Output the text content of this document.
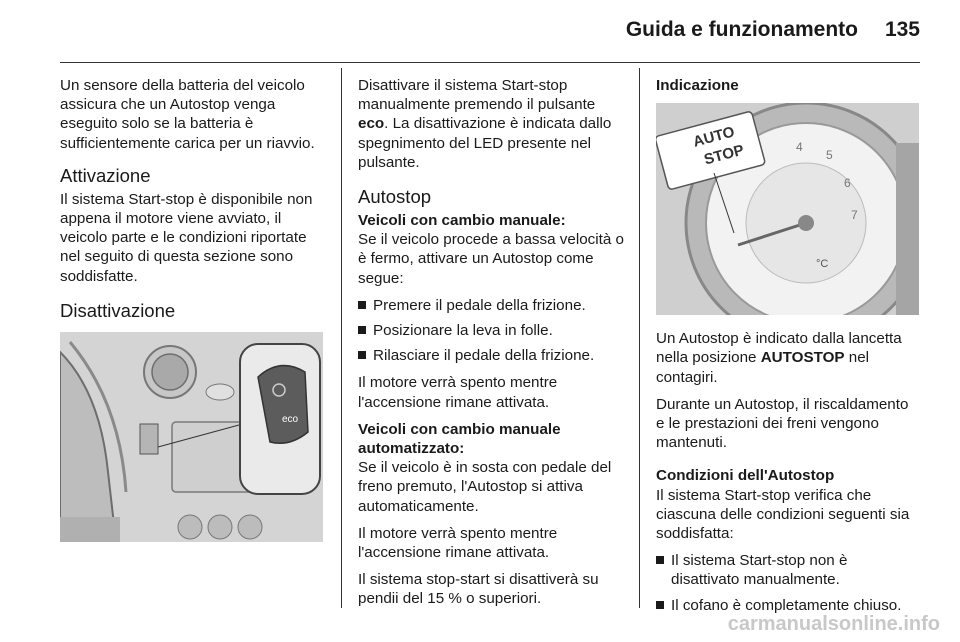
Guida e funzionamento 135

Un sensore della batteria del veicolo assicura che un Autostop venga eseguito solo se la batteria è sufficientemente carica per un riavvio.

Attivazione

Il sistema Start-stop è disponibile non appena il motore viene avviato, il veicolo parte e le condizioni riportate nel seguito di questa sezione sono soddisfatte.

Disattivazione
eco

Disattivare il sistema Start-stop manualmente premendo il pulsante eco. La disattivazione è indicata dallo spegnimento del LED presente nel pulsante.

Autostop
Veicoli con cambio manuale:

Se il veicolo procede a bassa velocità o è fermo, attivare un Autostop come segue:

Premere il pedale della frizione.
Posizionare la leva in folle.
Rilasciare il pedale della frizione.

Il motore verrà spento mentre l'accensione rimane attivata.

Veicoli con cambio manuale automatizzato:

Se il veicolo è in sosta con pedale del freno premuto, l'Autostop si attiva automaticamente.

Il motore verrà spento mentre l'accensione rimane attivata.

Il sistema stop-start si disattiverà su pendii del 15 % o superiori.

Indicazione
4
5
6
7
°C
AUTO
STOP

Un Autostop è indicato dalla lancetta nella posizione AUTOSTOP nel contagiri.

Durante un Autostop, il riscaldamento e le prestazioni dei freni vengono mantenuti.

Condizioni dell'Autostop

Il sistema Start-stop verifica che ciascuna delle condizioni seguenti sia soddisfatta:

Il sistema Start-stop non è disattivato manualmente.
Il cofano è completamente chiuso.
carmanualsonline.info
